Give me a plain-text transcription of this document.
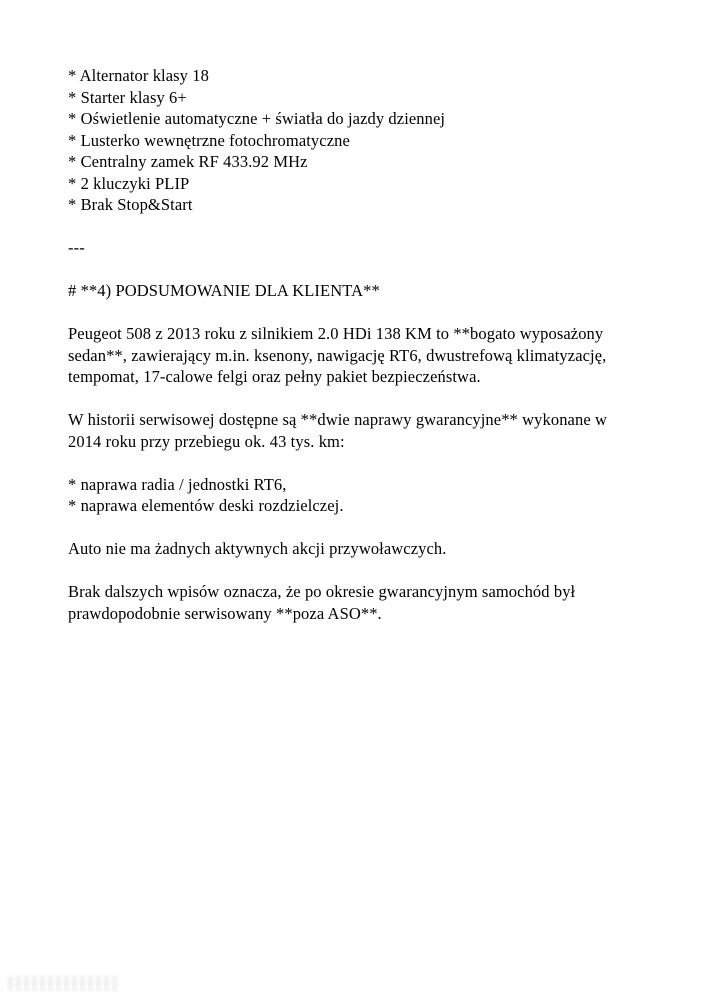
* Alternator klasy 18

* Starter klasy 6+

* Oświetlenie automatyczne + światła do jazdy dziennej

* Lusterko wewnętrzne fotochromatyczne

* Centralny zamek RF 433.92 MHz

* 2 kluczyki PLIP

* Brak Stop&Start

---

# **4) PODSUMOWANIE DLA KLIENTA**

Peugeot 508 z 2013 roku z silnikiem 2.0 HDi 138 KM to **bogato wyposażony

sedan**, zawierający m.in. ksenony, nawigację RT6, dwustrefową klimatyzację,

tempomat, 17-calowe felgi oraz pełny pakiet bezpieczeństwa.

W historii serwisowej dostępne są **dwie naprawy gwarancyjne** wykonane w

2014 roku przy przebiegu ok. 43 tys. km:

* naprawa radia / jednostki RT6,

* naprawa elementów deski rozdzielczej.

Auto nie ma żadnych aktywnych akcji przywoławczych.

Brak dalszych wpisów oznacza, że po okresie gwarancyjnym samochód był

prawdopodobnie serwisowany **poza ASO**.
